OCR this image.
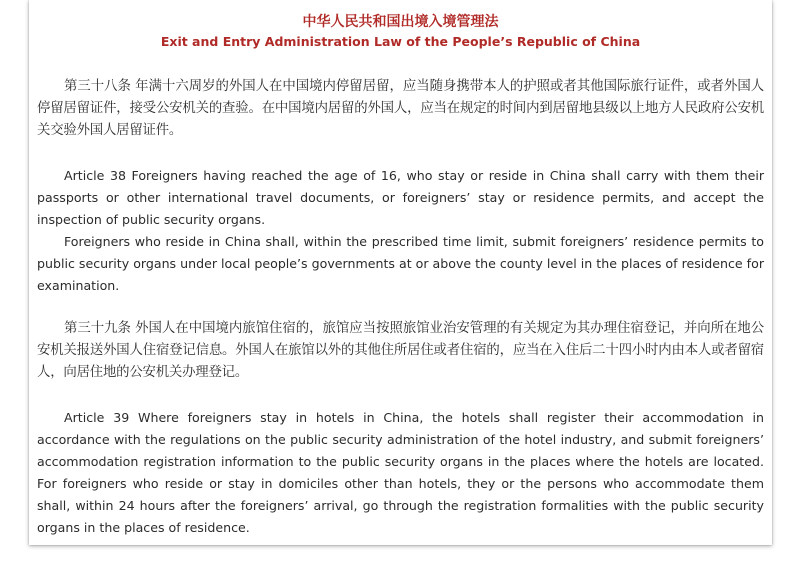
中华人民共和国出境入境管理法
Exit and Entry Administration Law of the People’s Republic of China

第三十八条 年满十六周岁的外国人在中国境内停留居留，应当随身携带本人的护照或者其他国际旅行证件，或者外国人停留居留证件，接受公安机关的查验。在中国境内居留的外国人，应当在规定的时间内到居留地县级以上地方人民政府公安机关交验外国人居留证件。

Article 38 Foreigners having reached the age of 16, who stay or reside in China shall carry with them their passports or other international travel documents, or foreigners’ stay or residence permits, and accept the inspection of public security organs.

Foreigners who reside in China shall, within the prescribed time limit, submit foreigners’ residence permits to public security organs under local people’s governments at or above the county level in the places of residence for examination.

第三十九条 外国人在中国境内旅馆住宿的，旅馆应当按照旅馆业治安管理的有关规定为其办理住宿登记，并向所在地公安机关报送外国人住宿登记信息。外国人在旅馆以外的其他住所居住或者住宿的，应当在入住后二十四小时内由本人或者留宿人，向居住地的公安机关办理登记。

Article 39 Where foreigners stay in hotels in China, the hotels shall register their accommodation in accordance with the regulations on the public security administration of the hotel industry, and submit foreigners’ accommodation registration information to the public security organs in the places where the hotels are located. For foreigners who reside or stay in domiciles other than hotels, they or the persons who accommodate them shall, within 24 hours after the foreigners’ arrival, go through the registration formalities with the public security organs in the places of residence.
